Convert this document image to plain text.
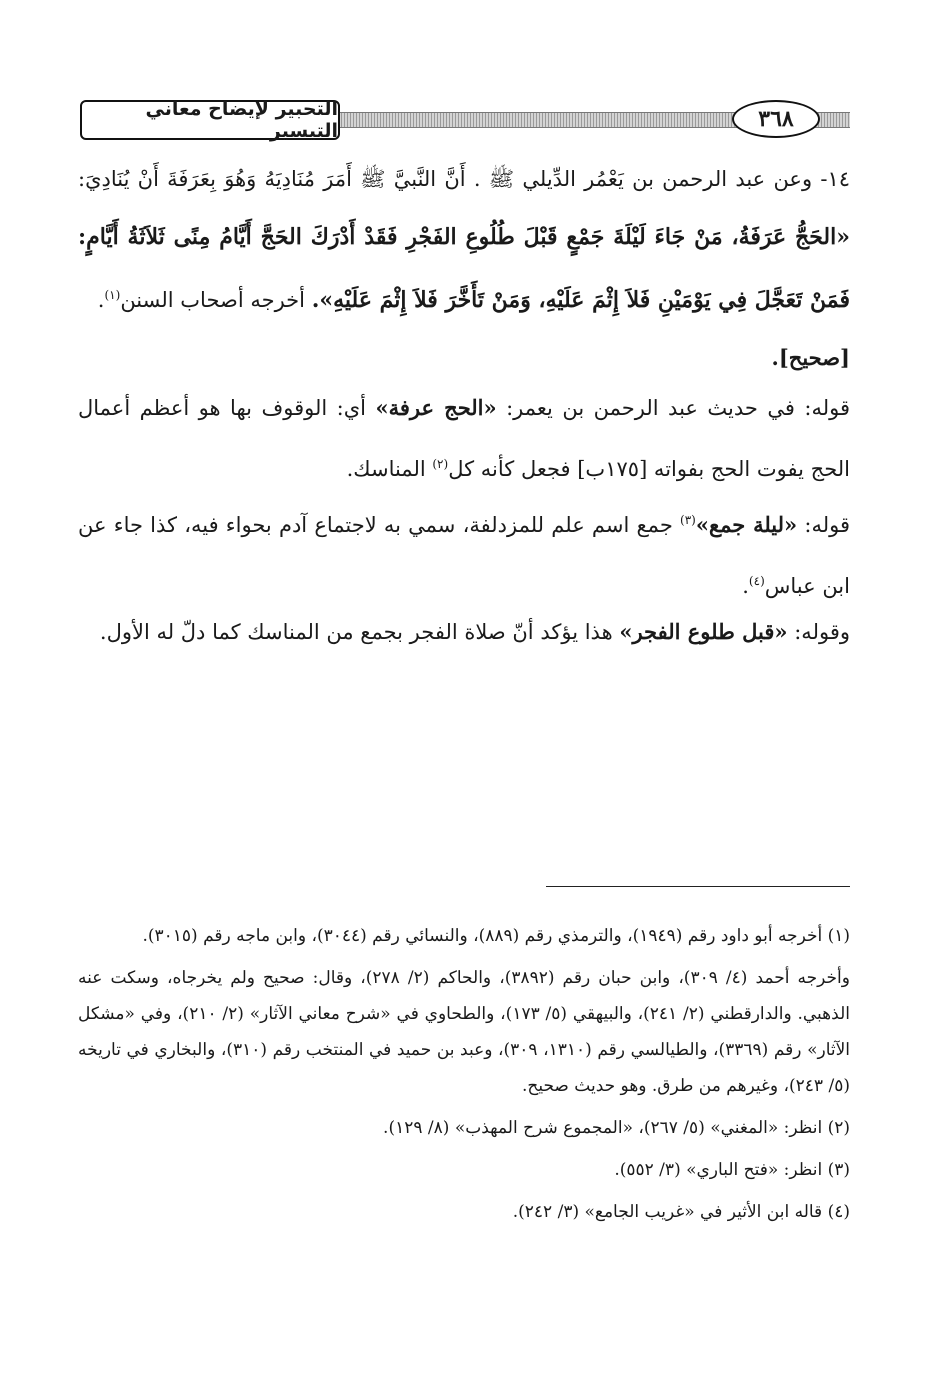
التحبير لإيضاح معاني التيسير	٣٦٨
١٤- وعن عبد الرحمن بن يَعْمُر الدِّيلي ﷺ . أَنَّ النَّبيَّ ﷺ أَمَرَ مُنَادِيَهُ وَهُوَ بِعَرَفَةَ أَنْ يُنَادِيَ: «الحَجُّ عَرَفَةُ، مَنْ جَاءَ لَيْلَةَ جَمْعٍ قَبْلَ طُلُوعِ الفَجْرِ فَقَدْ أَدْرَكَ الحَجَّ أَيَّامُ مِنًى ثَلاَثَةُ أَيَّامٍ: فَمَنْ تَعَجَّلَ فِي يَوْمَيْنِ فَلاَ إِثْمَ عَلَيْهِ، وَمَنْ تَأَخَّرَ فَلاَ إِثْمَ عَلَيْهِ». أخرجه أصحاب السنن$^{(١)}$.
[صحيح].
قوله: في حديث عبد الرحمن بن يعمر: «الحج عرفة» أي: الوقوف بها هو أعظم أعمال الحج يفوت الحج بفواته [١٧٥ب] فجعل كأنه كل$^{(٢)}$ المناسك.
قوله: «ليلة جمع»$^{(٣)}$ جمع اسم علم للمزدلفة، سمي به لاجتماع آدم بحواء فيه، كذا جاء عن ابن عباس$^{(٤)}$.
وقوله: «قبل طلوع الفجر» هذا يؤكد أنّ صلاة الفجر بجمع من المناسك كما دلّ له الأول.

(١) أخرجه أبو داود رقم (١٩٤٩)، والترمذي رقم (٨٨٩)، والنسائي رقم (٣٠٤٤)، وابن ماجه رقم (٣٠١٥).

وأخرجه أحمد (٤/ ٣٠٩)، وابن حبان رقم (٣٨٩٢)، والحاكم (٢/ ٢٧٨)، وقال: صحيح ولم يخرجاه، وسكت عنه الذهبي. والدارقطني (٢/ ٢٤١)، والبيهقي (٥/ ١٧٣)، والطحاوي في «شرح معاني الآثار» (٢/ ٢١٠)، وفي «مشكل الآثار» رقم (٣٣٦٩)، والطيالسي رقم (١٣١٠، ٣٠٩)، وعبد بن حميد في المنتخب رقم (٣١٠)، والبخاري في تاريخه (٥/ ٢٤٣)، وغيرهم من طرق. وهو حديث صحيح.

(٢) انظر: «المغني» (٥/ ٢٦٧)، «المجموع شرح المهذب» (٨/ ١٢٩).

(٣) انظر: «فتح الباري» (٣/ ٥٥٢).

(٤) قاله ابن الأثير في «غريب الجامع» (٣/ ٢٤٢).
